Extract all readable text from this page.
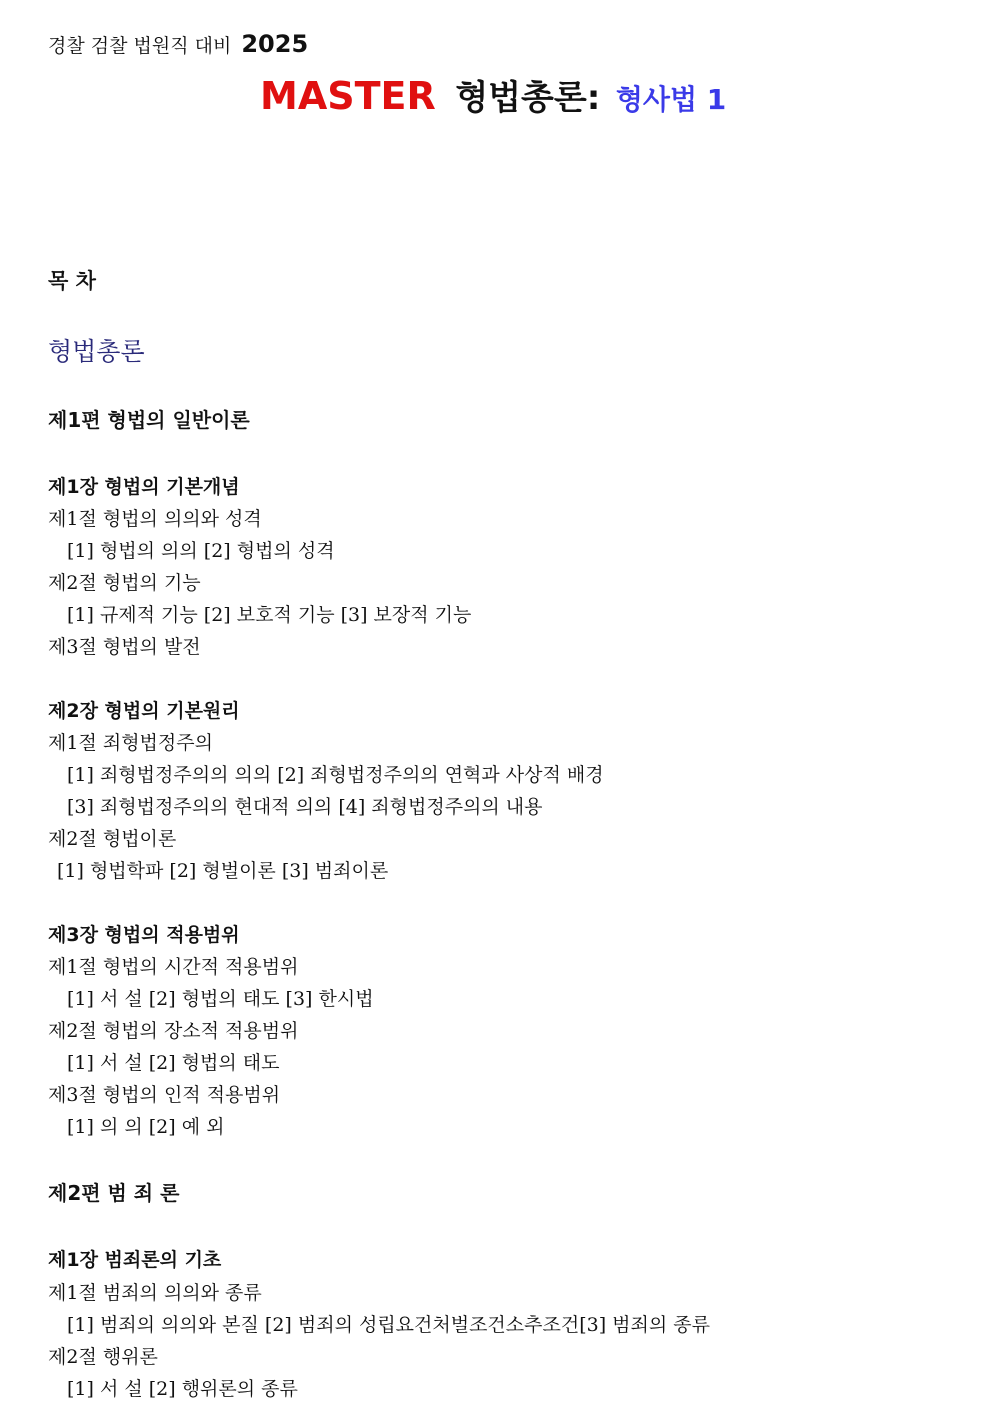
경찰 검찰 법원직 대비 2025
MASTER 형법총론: 형사법 1
목 차
형법총론
제1편 형법의 일반이론
제1장 형법의 기본개념
제1절 형법의 의의와 성격
[1] 형법의 의의 [2] 형법의 성격
제2절 형법의 기능
[1] 규제적 기능 [2] 보호적 기능 [3] 보장적 기능
제3절 형법의 발전
제2장 형법의 기본원리
제1절 죄형법정주의
[1] 죄형법정주의의 의의 [2] 죄형법정주의의 연혁과 사상적 배경
[3] 죄형법정주의의 현대적 의의 [4] 죄형법정주의의 내용
제2절 형법이론
[1] 형법학파 [2] 형벌이론 [3] 범죄이론
제3장 형법의 적용범위
제1절 형법의 시간적 적용범위
[1] 서 설 [2] 형법의 태도 [3] 한시법
제2절 형법의 장소적 적용범위
[1] 서 설 [2] 형법의 태도
제3절 형법의 인적 적용범위
[1] 의 의 [2] 예 외
제2편 범 죄 론
제1장 범죄론의 기초
제1절 범죄의 의의와 종류
[1] 범죄의 의의와 본질 [2] 범죄의 성립요건처벌조건소추조건[3] 범죄의 종류
제2절 행위론
[1] 서 설 [2] 행위론의 종류
